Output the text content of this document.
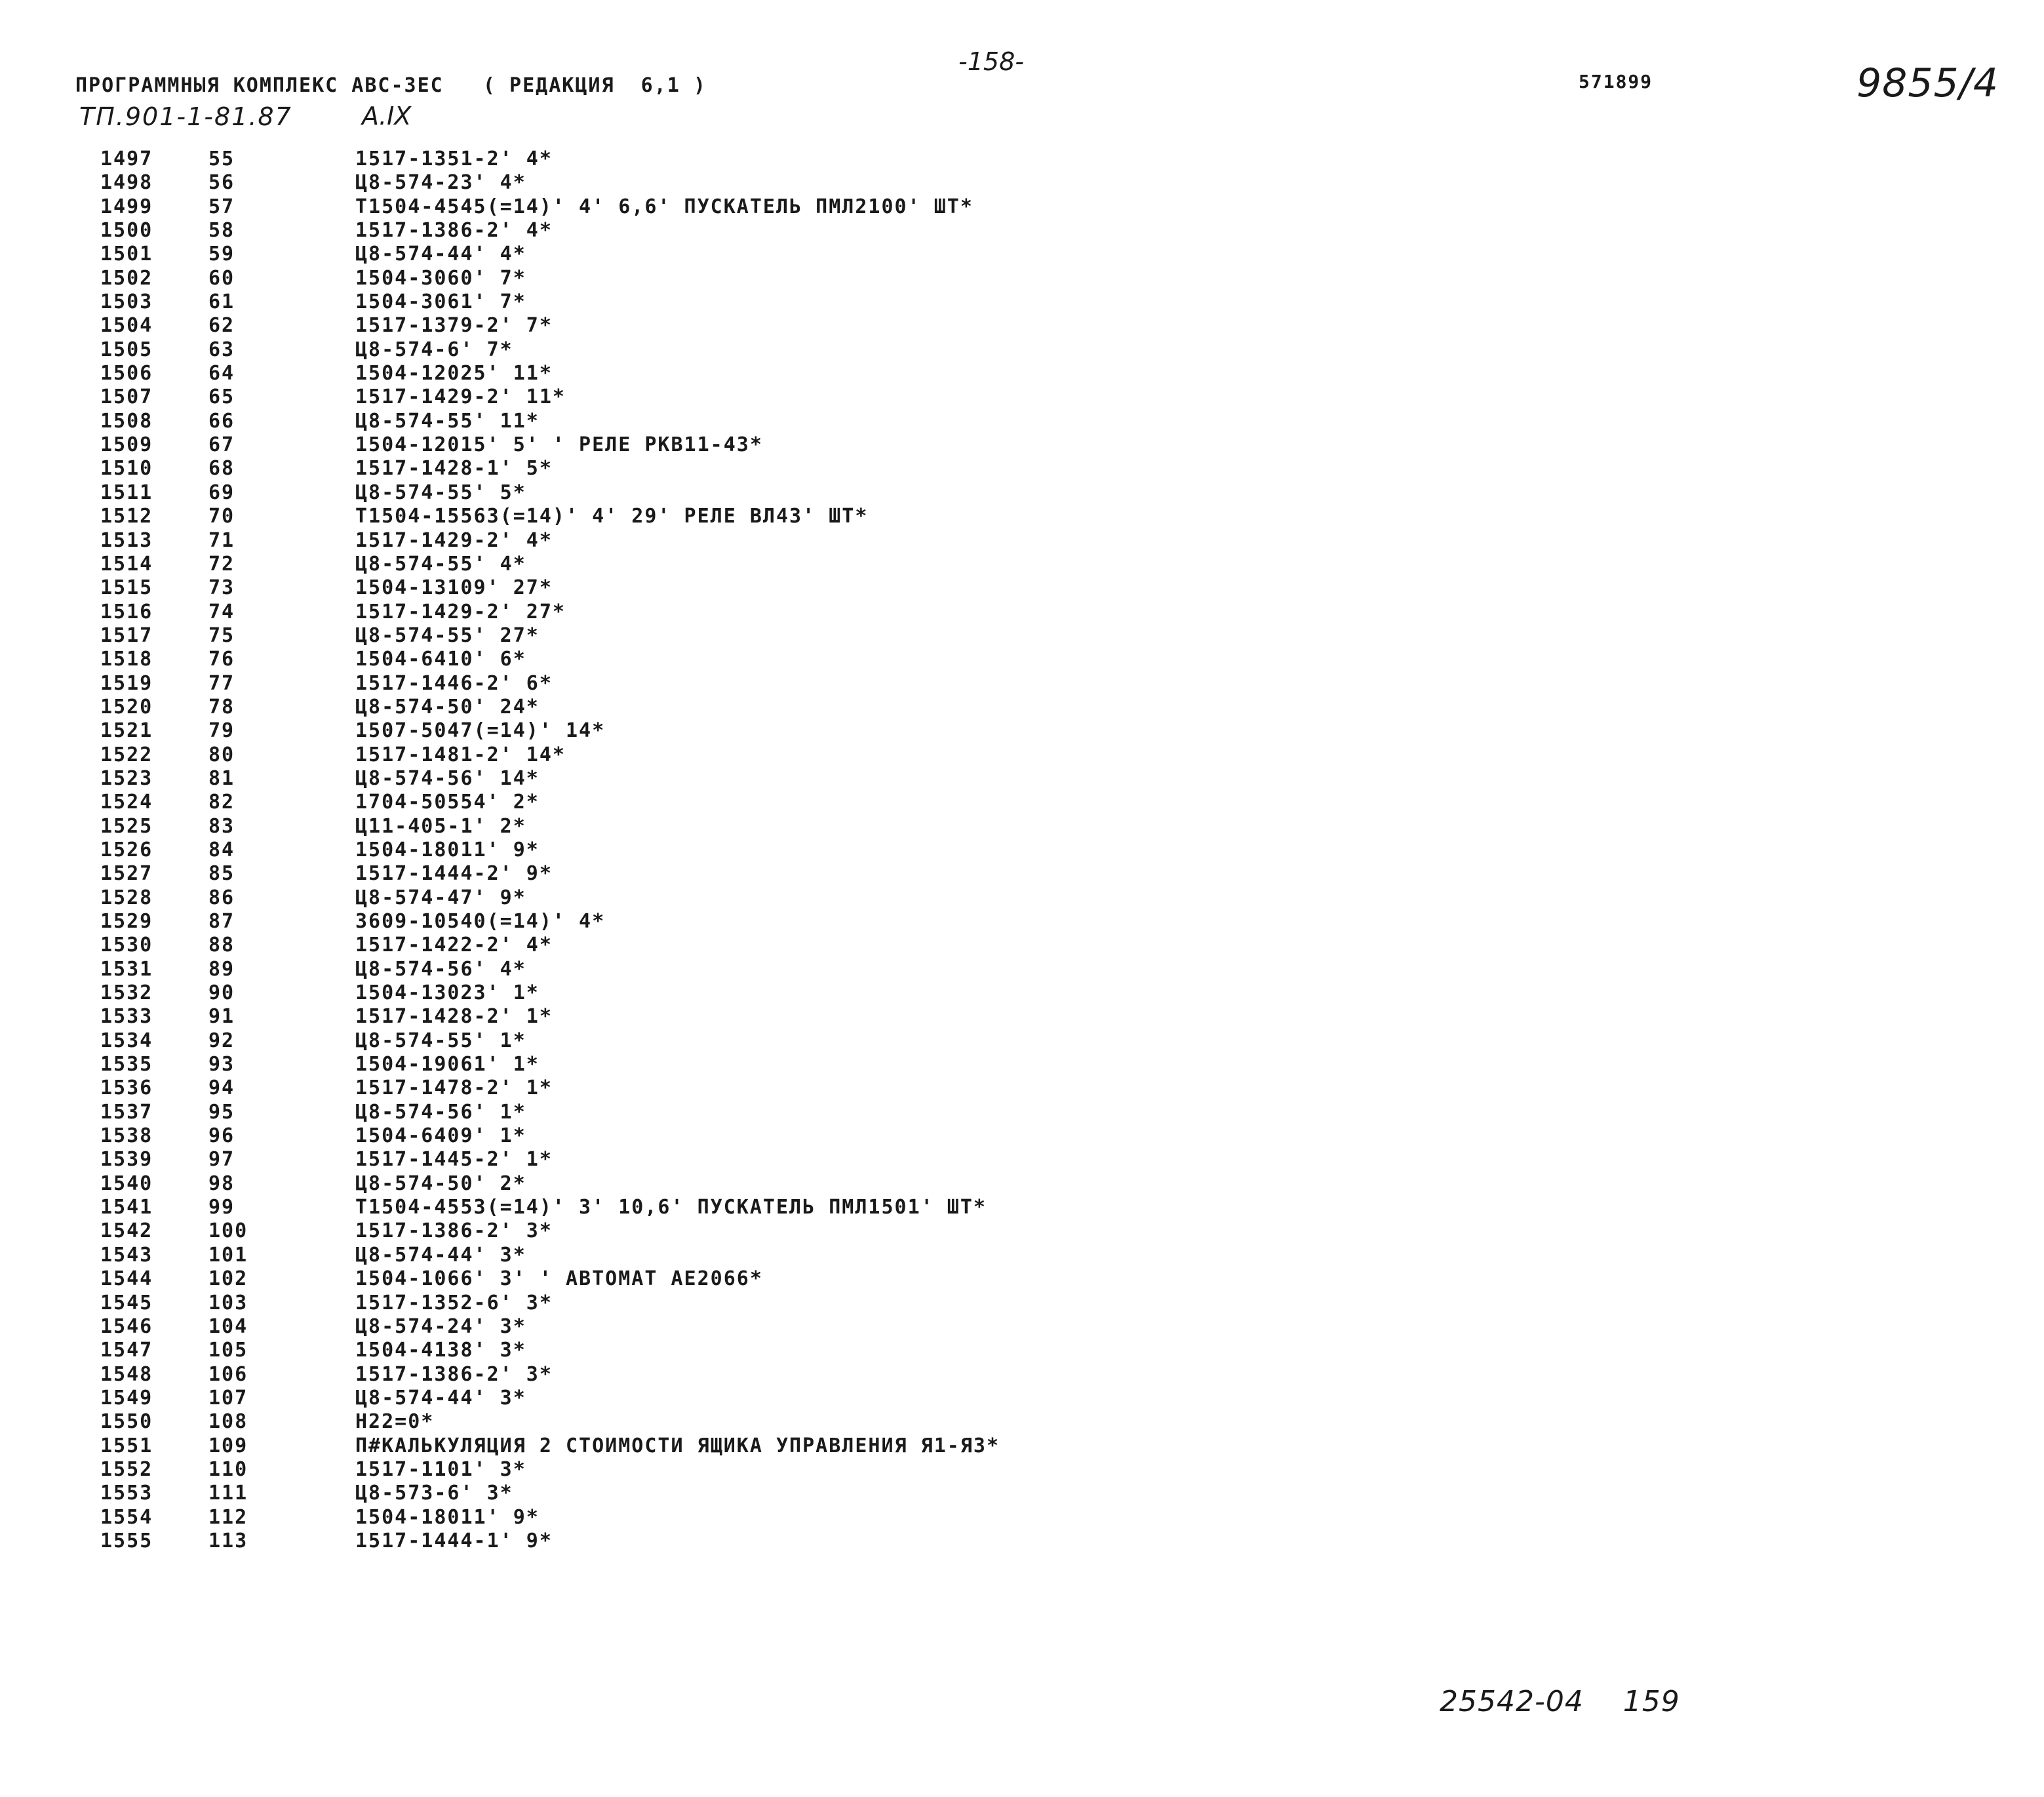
ПРОГРАММНЫЯ КОМПЛЕКС АВС-3ЕС   ( РЕДАКЦИЯ  6,1 )
-158-
571899	9855/4
ТП.901-1-81.87	А.IX
1497	55	1517-1351-2' 4*
1498	56	Ц8-574-23' 4*
1499	57	Т1504-4545(=14)' 4' 6,6' ПУСКАТЕЛЬ ПМЛ2100' ШТ*
1500	58	1517-1386-2' 4*
1501	59	Ц8-574-44' 4*
1502	60	1504-3060' 7*
1503	61	1504-3061' 7*
1504	62	1517-1379-2' 7*
1505	63	Ц8-574-6' 7*
1506	64	1504-12025' 11*
1507	65	1517-1429-2' 11*
1508	66	Ц8-574-55' 11*
1509	67	1504-12015' 5' ' РЕЛЕ РКВ11-43*
1510	68	1517-1428-1' 5*
1511	69	Ц8-574-55' 5*
1512	70	Т1504-15563(=14)' 4' 29' РЕЛЕ ВЛ43' ШТ*
1513	71	1517-1429-2' 4*
1514	72	Ц8-574-55' 4*
1515	73	1504-13109' 27*
1516	74	1517-1429-2' 27*
1517	75	Ц8-574-55' 27*
1518	76	1504-6410' 6*
1519	77	1517-1446-2' 6*
1520	78	Ц8-574-50' 24*
1521	79	1507-5047(=14)' 14*
1522	80	1517-1481-2' 14*
1523	81	Ц8-574-56' 14*
1524	82	1704-50554' 2*
1525	83	Ц11-405-1' 2*
1526	84	1504-18011' 9*
1527	85	1517-1444-2' 9*
1528	86	Ц8-574-47' 9*
1529	87	3609-10540(=14)' 4*
1530	88	1517-1422-2' 4*
1531	89	Ц8-574-56' 4*
1532	90	1504-13023' 1*
1533	91	1517-1428-2' 1*
1534	92	Ц8-574-55' 1*
1535	93	1504-19061' 1*
1536	94	1517-1478-2' 1*
1537	95	Ц8-574-56' 1*
1538	96	1504-6409' 1*
1539	97	1517-1445-2' 1*
1540	98	Ц8-574-50' 2*
1541	99	Т1504-4553(=14)' 3' 10,6' ПУСКАТЕЛЬ ПМЛ1501' ШТ*
1542	100	1517-1386-2' 3*
1543	101	Ц8-574-44' 3*
1544	102	1504-1066' 3' ' АВТОМАТ АЕ2066*
1545	103	1517-1352-6' 3*
1546	104	Ц8-574-24' 3*
1547	105	1504-4138' 3*
1548	106	1517-1386-2' 3*
1549	107	Ц8-574-44' 3*
1550	108	Н22=0*
1551	109	П#КАЛЬКУЛЯЦИЯ 2 СТОИМОСТИ ЯЩИКА УПРАВЛЕНИЯ Я1-Я3*
1552	110	1517-1101' 3*
1553	111	Ц8-573-6' 3*
1554	112	1504-18011' 9*
1555	113	1517-1444-1' 9*
25542-04    159
